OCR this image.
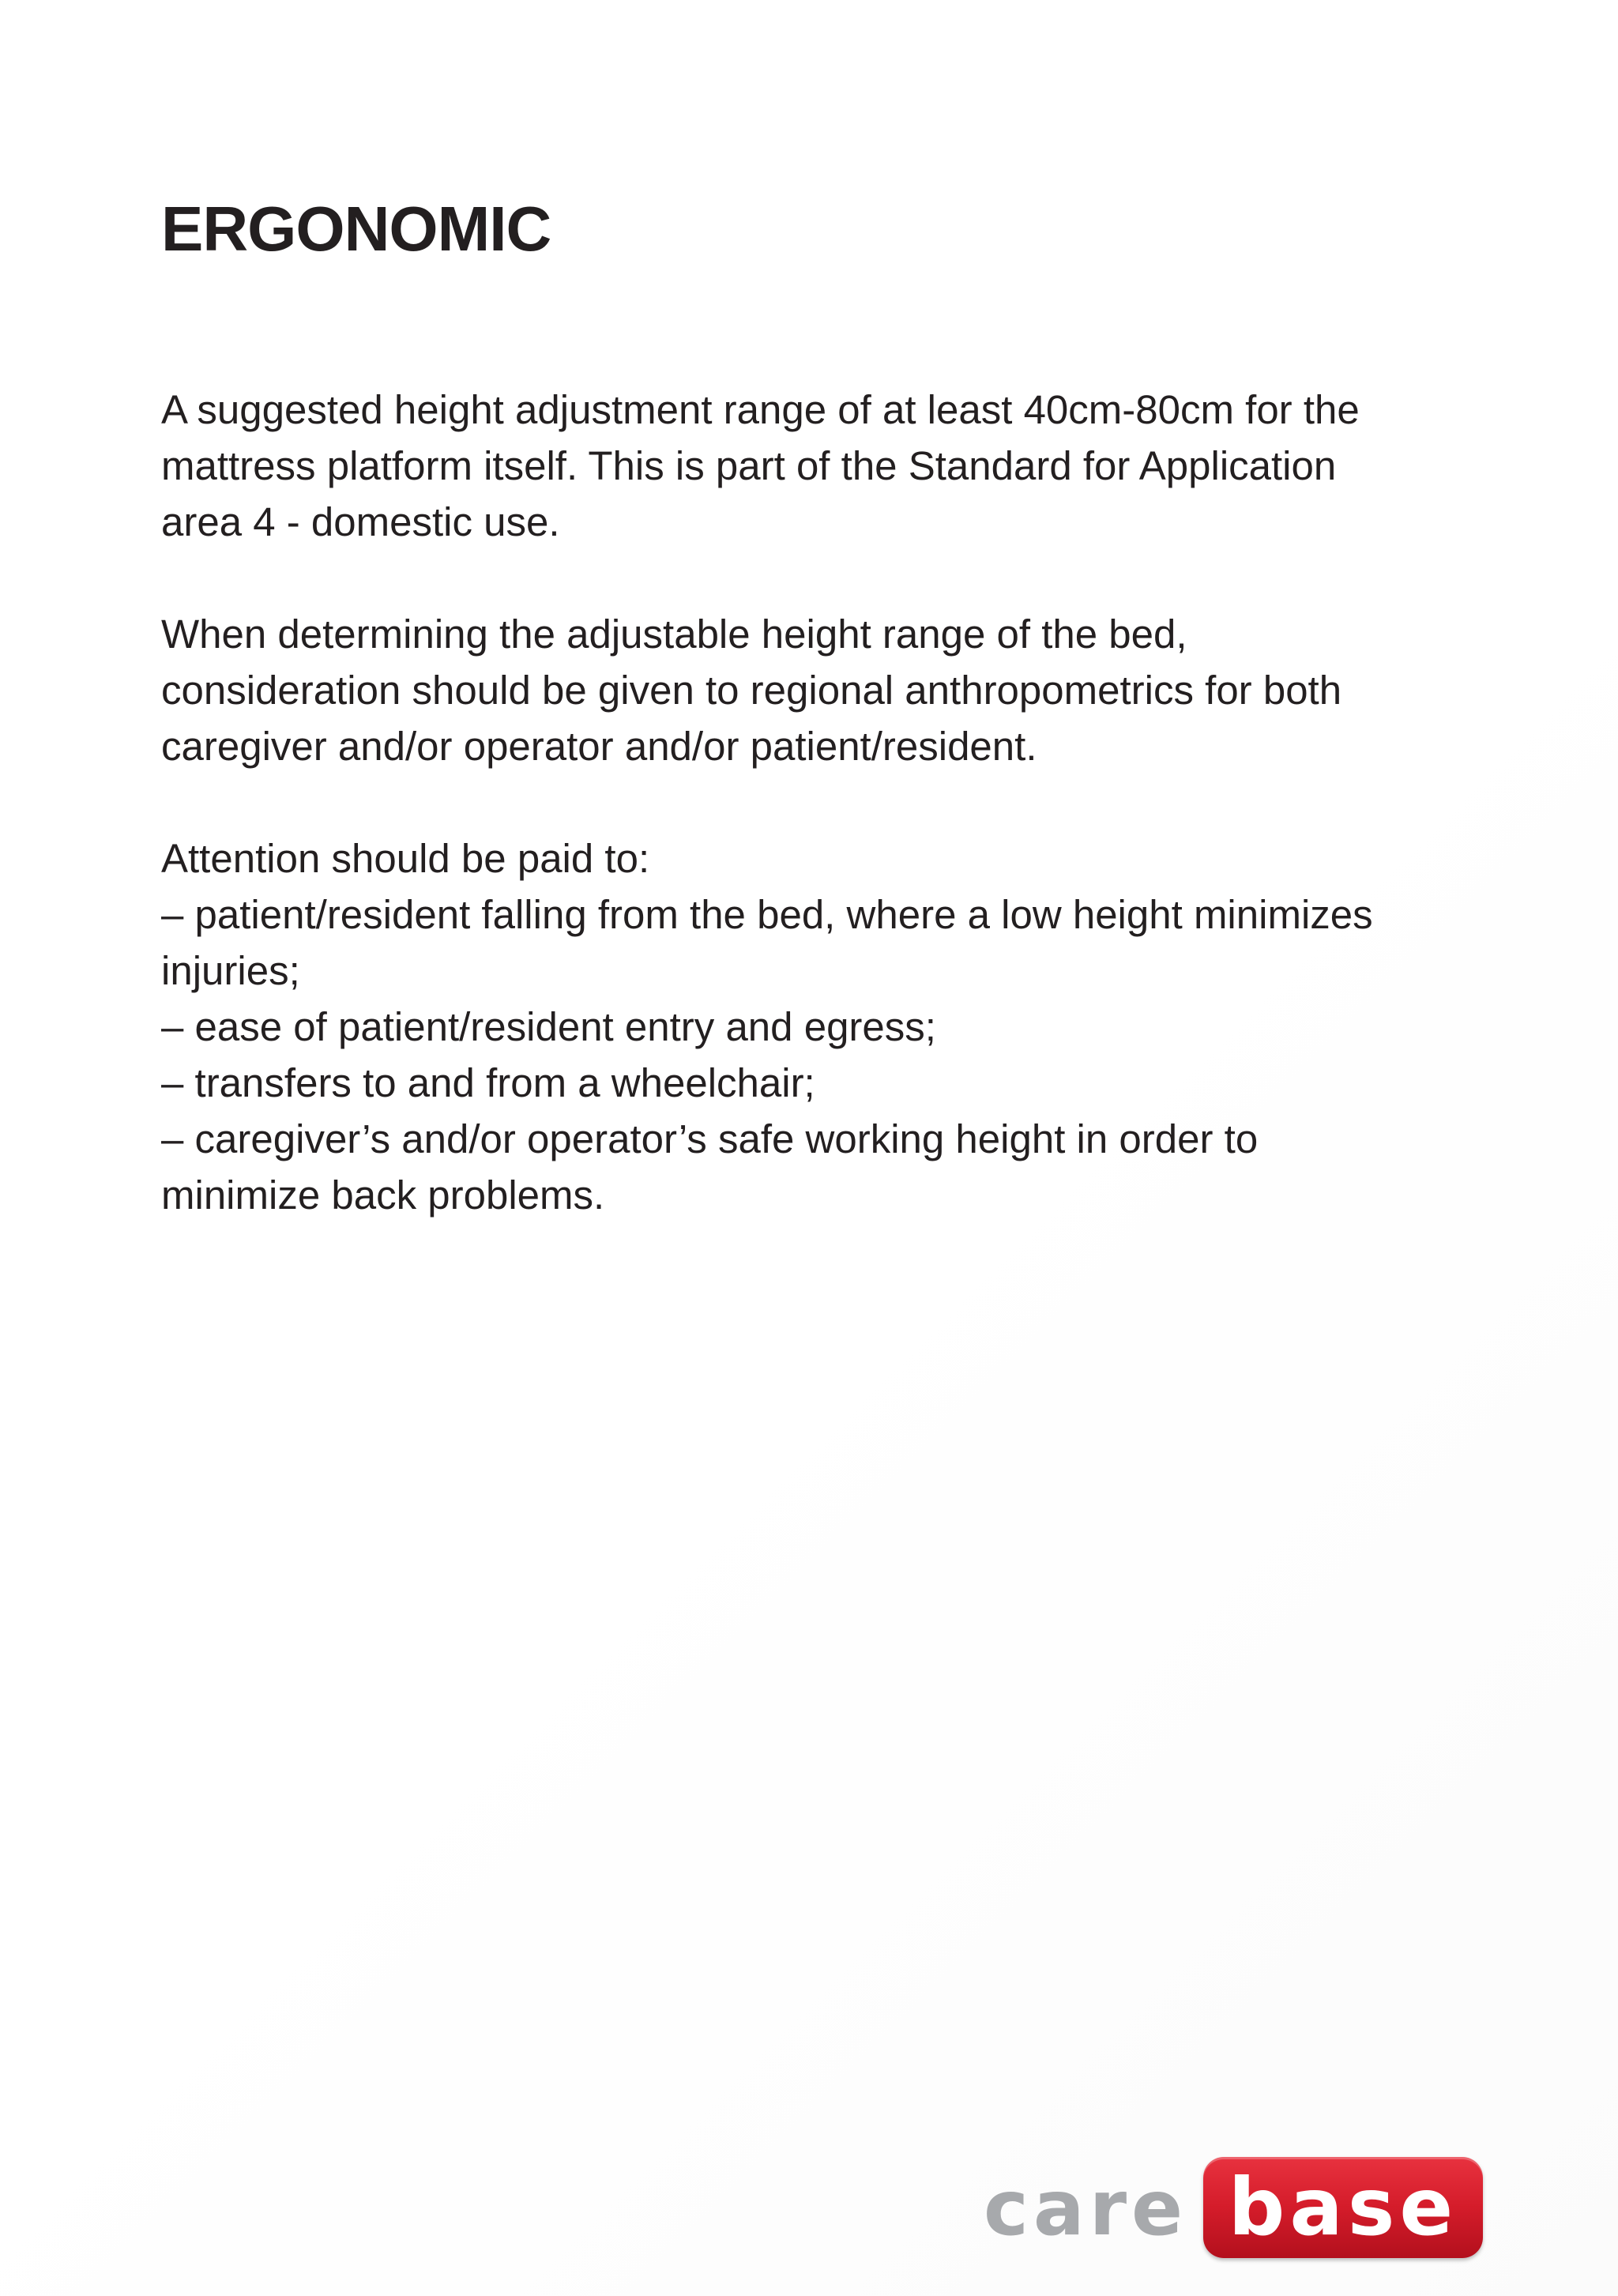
ERGONOMIC

A suggested height adjustment range of at least 40cm-80cm for the
mattress platform itself. This is part of the Standard for Application
area 4 - domestic use.

When determining the adjustable height range of the bed,
consideration should be given to regional anthropometrics for both
caregiver and/or operator and/or patient/resident.

Attention should be paid to:
– patient/resident falling from the bed, where a low height minimizes
injuries;
– ease of patient/resident entry and egress;
– transfers to and from a wheelchair;
– caregiver’s and/or operator’s safe working height in order to
minimize back problems.

care base
